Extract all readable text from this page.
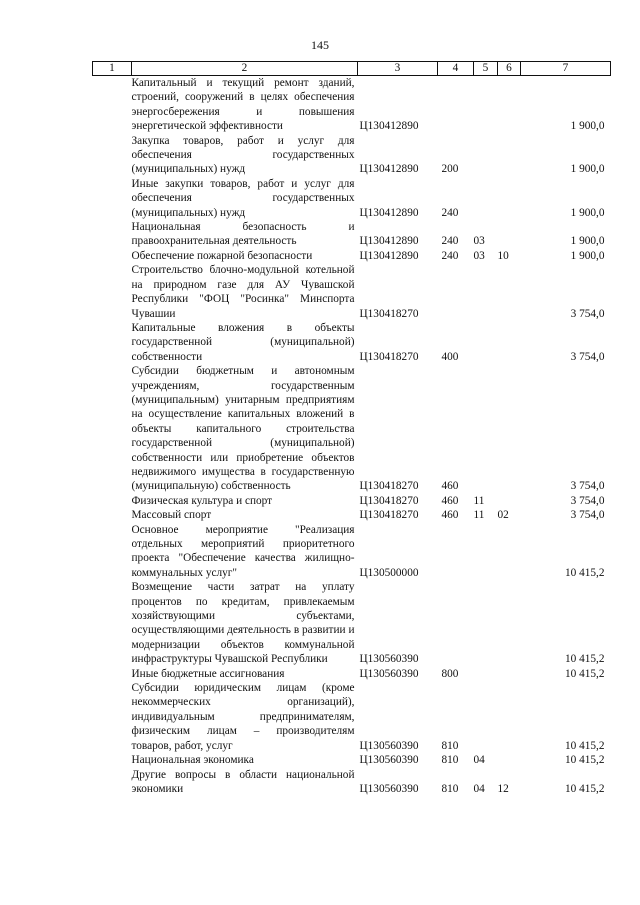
145
1	2	3	4	5	6	7
	Капитальный и текущий ремонт зданий, строений, сооружений в целях обеспечения энергосбережения и повышения энергетической эффективности	Ц130412890				1 900,0
	Закупка товаров, работ и услуг для обеспечения государственных (муниципальных) нужд	Ц130412890	200			1 900,0
	Иные закупки товаров, работ и услуг для обеспечения государственных (муниципальных) нужд	Ц130412890	240			1 900,0
	Национальная безопасность и правоохранительная деятельность	Ц130412890	240	03		1 900,0
	Обеспечение пожарной безопасности	Ц130412890	240	03	10	1 900,0
	Строительство блочно-модульной котельной на природном газе для АУ Чувашской Республики "ФОЦ "Росинка" Минспорта Чувашии	Ц130418270				3 754,0
	Капитальные вложения в объекты государственной (муниципальной) собственности	Ц130418270	400			3 754,0
	Субсидии бюджетным и автономным учреждениям, государственным (муниципальным) унитарным предприятиям на осуществление капитальных вложений в объекты капитального строительства государственной (муниципальной) собственности или приобретение объектов недвижимого имущества в государственную (муниципальную) собственность	Ц130418270	460			3 754,0
	Физическая культура и спорт	Ц130418270	460	11		3 754,0
	Массовый спорт	Ц130418270	460	11	02	3 754,0
	Основное мероприятие "Реализация отдельных мероприятий приоритетного проекта "Обеспечение качества жилищно-коммунальных услуг"	Ц130500000				10 415,2
	Возмещение части затрат на уплату процентов по кредитам, привлекаемым хозяйствующими субъектами, осуществляющими деятельность в развитии и модернизации объектов коммунальной инфраструктуры Чувашской Республики	Ц130560390				10 415,2
	Иные бюджетные ассигнования	Ц130560390	800			10 415,2
	Субсидии юридическим лицам (кроме некоммерческих организаций), индивидуальным предпринимателям, физическим лицам – производителям товаров, работ, услуг	Ц130560390	810			10 415,2
	Национальная экономика	Ц130560390	810	04		10 415,2
	Другие вопросы в области национальной экономики	Ц130560390	810	04	12	10 415,2
